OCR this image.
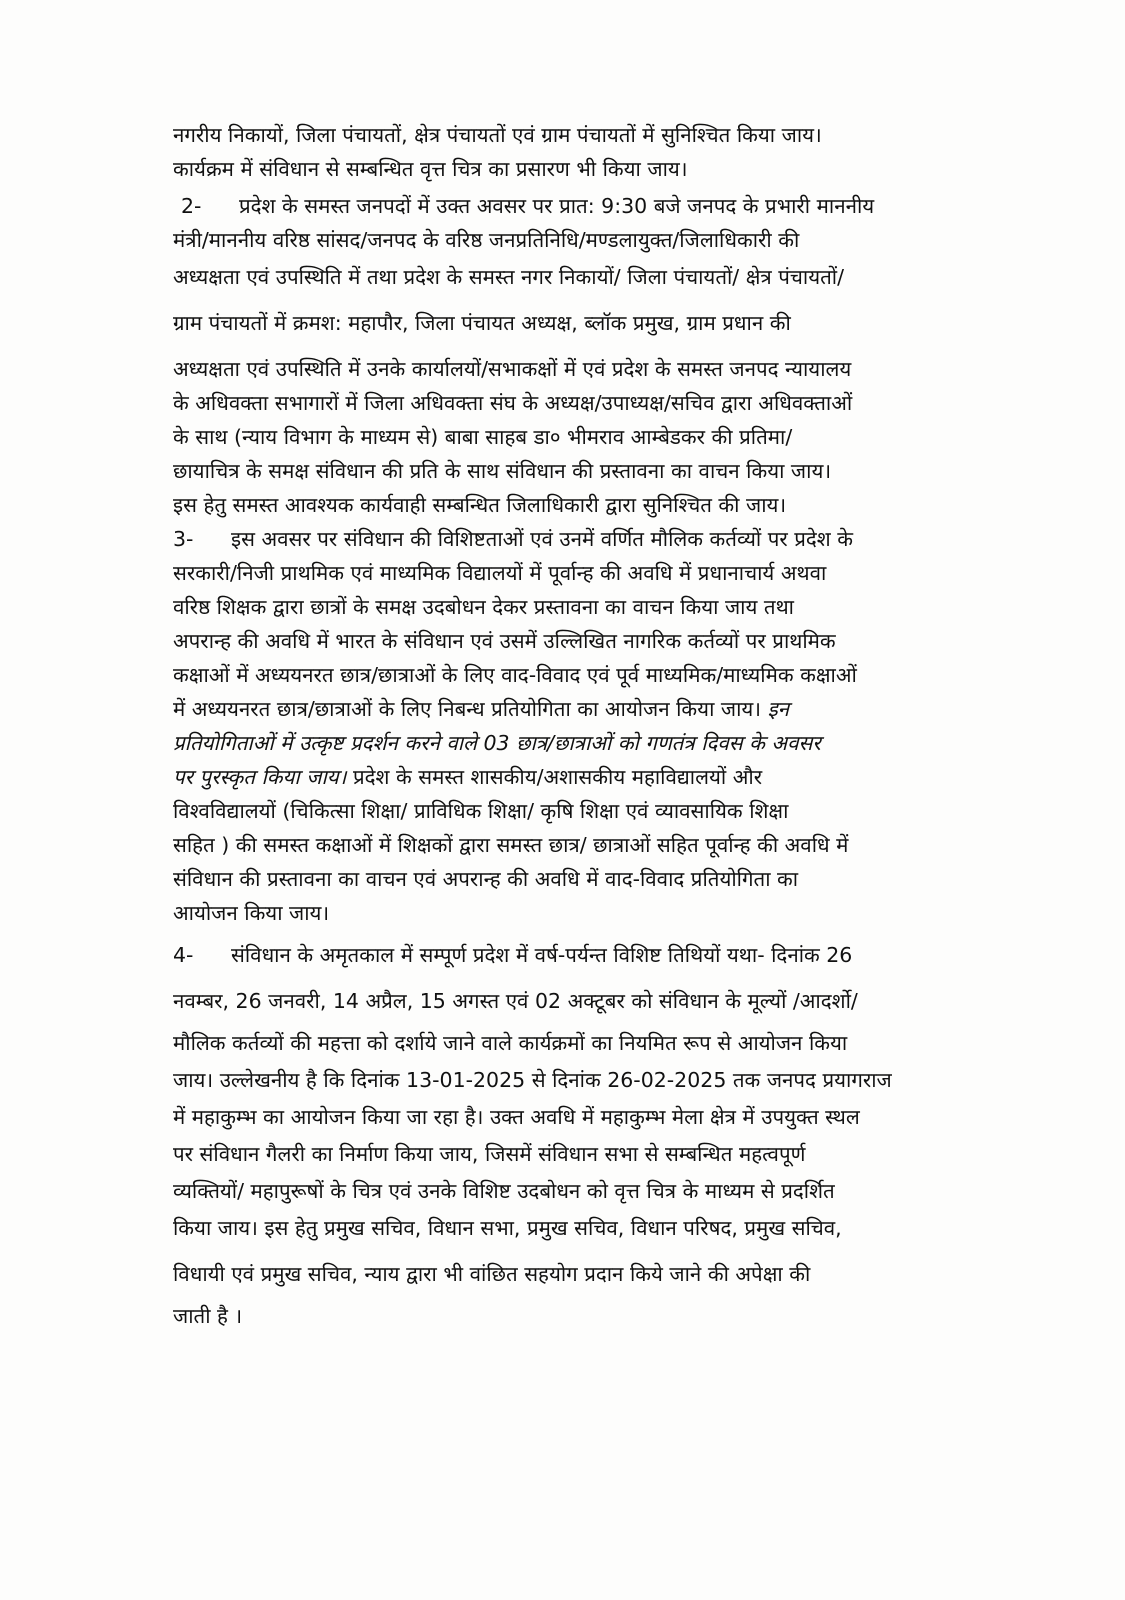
नगरीय निकायों, जिला पंचायतों, क्षेत्र पंचायतों एवं ग्राम पंचायतों में सुनिश्चित किया जाय।
कार्यक्रम में संविधान से सम्बन्धित वृत्त चित्र का प्रसारण भी किया जाय।
2- प्रदेश के समस्त जनपदों में उक्त अवसर पर प्रात: 9:30 बजे जनपद के प्रभारी माननीय
मंत्री/माननीय वरिष्ठ सांसद/जनपद के वरिष्ठ जनप्रतिनिधि/मण्डलायुक्त/जिलाधिकारी की
अध्यक्षता एवं उपस्थिति में तथा प्रदेश के समस्त नगर निकायों/ जिला पंचायतों/ क्षेत्र पंचायतों/
ग्राम पंचायतों में क्रमश: महापौर, जिला पंचायत अध्यक्ष, ब्लॉक प्रमुख, ग्राम प्रधान की
अध्यक्षता एवं उपस्थिति में उनके कार्यालयों/सभाकक्षों में एवं प्रदेश के समस्त जनपद न्यायालय
के अधिवक्ता सभागारों में जिला अधिवक्ता संघ के अध्यक्ष/उपाध्यक्ष/सचिव द्वारा अधिवक्ताओं
के साथ (न्याय विभाग के माध्यम से) बाबा साहब डा० भीमराव आम्बेडकर की प्रतिमा/
छायाचित्र के समक्ष संविधान की प्रति के साथ संविधान की प्रस्तावना का वाचन किया जाय।
इस हेतु समस्त आवश्यक कार्यवाही सम्बन्धित जिलाधिकारी द्वारा सुनिश्चित की जाय।
3- इस अवसर पर संविधान की विशिष्टताओं एवं उनमें वर्णित मौलिक कर्तव्यों पर प्रदेश के
सरकारी/निजी प्राथमिक एवं माध्यमिक विद्यालयों में पूर्वान्ह की अवधि में प्रधानाचार्य अथवा
वरिष्ठ शिक्षक द्वारा छात्रों के समक्ष उदबोधन देकर प्रस्तावना का वाचन किया जाय तथा
अपरान्ह की अवधि में भारत के संविधान एवं उसमें उल्लिखित नागरिक कर्तव्यों पर प्राथमिक
कक्षाओं में अध्ययनरत छात्र/छात्राओं के लिए वाद-विवाद एवं पूर्व माध्यमिक/माध्यमिक कक्षाओं
में अध्ययनरत छात्र/छात्राओं के लिए निबन्ध प्रतियोगिता का आयोजन किया जाय। इन
प्रतियोगिताओं में उत्कृष्ट प्रदर्शन करने वाले 03 छात्र/छात्राओं को गणतंत्र दिवस के अवसर
पर पुरस्कृत किया जाय। प्रदेश के समस्त शासकीय/अशासकीय महाविद्यालयों और
विश्वविद्यालयों (चिकित्सा शिक्षा/ प्राविधिक शिक्षा/ कृषि शिक्षा एवं व्यावसायिक शिक्षा
सहित ) की समस्त कक्षाओं में शिक्षकों द्वारा समस्त छात्र/ छात्राओं सहित पूर्वान्ह की अवधि में
संविधान की प्रस्तावना का वाचन एवं अपरान्ह की अवधि में वाद-विवाद प्रतियोगिता का
आयोजन किया जाय।
4- संविधान के अमृतकाल में सम्पूर्ण प्रदेश में वर्ष-पर्यन्त विशिष्ट तिथियों यथा- दिनांक 26
नवम्बर, 26 जनवरी, 14 अप्रैल, 15 अगस्त एवं 02 अक्टूबर को संविधान के मूल्यों /आदर्शो/
मौलिक कर्तव्यों की महत्ता को दर्शाये जाने वाले कार्यक्रमों का नियमित रूप से आयोजन किया
जाय। उल्लेखनीय है कि दिनांक 13-01-2025 से दिनांक 26-02-2025 तक जनपद प्रयागराज
में महाकुम्भ का आयोजन किया जा रहा है। उक्त अवधि में महाकुम्भ मेला क्षेत्र में उपयुक्त स्थल
पर संविधान गैलरी का निर्माण किया जाय, जिसमें संविधान सभा से सम्बन्धित महत्वपूर्ण
व्यक्तियों/ महापुरूषों के चित्र एवं उनके विशिष्ट उदबोधन को वृत्त चित्र के माध्यम से प्रदर्शित
किया जाय। इस हेतु प्रमुख सचिव, विधान सभा, प्रमुख सचिव, विधान परिषद, प्रमुख सचिव,
विधायी एवं प्रमुख सचिव, न्याय द्वारा भी वांछित सहयोग प्रदान किये जाने की अपेक्षा की
जाती है ।
